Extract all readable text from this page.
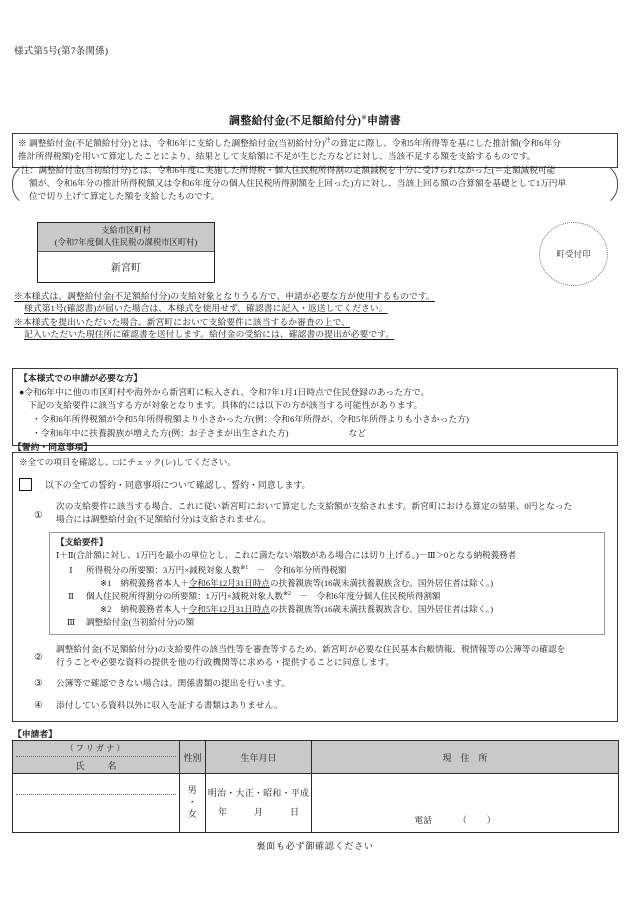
様式第5号(第7条関係)
調整給付金(不足額給付分)※申請書
※ 調整給付金(不足額給付分)とは、令和6年に支給した調整給付金(当初給付分)$^注$の算定に際し、令和5年所得等を基にした推計額(令和6年分
推計所得税額)を用いて算定したことにより、結果として支給額に不足が生じた方などに対し、当該不足する額を支給するものです。
注：調整給付金(当初給付分)とは、令和6年度に実施した所得税・個人住民税所得割の定額減税を十分に受けられなかった(＝定額減税可能
額が、令和6年分の推計所得税額又は令和6年度分の個人住民税所得割額を上回った)方に対し、当該上回る額の合算額を基礎として1万円単
位で切り上げて算定した額を支給したものです。
支給市区町村
(令和7年度個人住民税の課税市区町村)
新宮町
町受付印
※本様式は、調整給付金(不足額給付分)の支給対象となりうる方で、申請が必要な方が使用するものです。
様式第1号(確認書)が届いた場合は、本様式を使用せず、確認書に記入・返送してください。
※本様式を提出いただいた場合、新宮町において支給要件に該当するか審査の上で、
記入いただいた現住所に確認書を送付します。給付金の受給には、確認書の提出が必要です。
【本様式での申請が必要な方】
●令和6年中に他の市区町村や海外から新宮町に転入され、令和7年1月1日時点で住民登録のあった方で、
下記の支給要件に該当する方が対象となります。具体的には以下の方が該当する可能性があります。
・令和6年所得税額が令和5年所得税額より小さかった方(例：令和6年所得が、令和5年所得よりも小さかった方)
・令和6年中に扶養親族が増えた方(例：お子さまが出生された方)	など
【誓約・同意事項】
※全ての項目を確認し、□にチェック(レ)してください。
以下の全ての誓約・同意事項について確認し、誓約・同意します。
①
次の支給要件に該当する場合、これに従い新宮町において算定した支給額が支給されます。新宮町における算定の結果、0円となった
場合には調整給付金(不足額給付分)は支給されません。
【支給要件】
Ⅰ＋Ⅱ(合計額に対し、1万円を最小の単位とし、これに満たない端数がある場合には切り上げる。)－Ⅲ＞0となる納税義務者
Ⅰ	所得税分の所要額：3万円×減税対象人数$^{※1}$　－　令和6年分所得税額
※1 納税義務者本人＋令和6年12月31日時点の扶養親族等(16歳未満扶養親族含む。国外居住者は除く。)
Ⅱ	個人住民税所得割分の所要額：1万円×減税対象人数$^{※2}$　－　令和6年度分個人住民税所得割額
※2 納税義務者本人＋令和5年12月31日時点の扶養親族等(16歳未満扶養親族含む。国外居住者は除く。)
Ⅲ	調整給付金(当初給付分)の額
②
調整給付金(不足額給付分)の支給要件の該当性等を審査等するため、新宮町が必要な住民基本台帳情報、税情報等の公簿等の確認を
行うことや必要な資料の提供を他の行政機関等に求める・提供することに同意します。
③	公簿等で確認できない場合は、関係書類の提出を行います。
④	添付している資料以外に収入を証する書類はありません。
【申請者】
（フリガナ）
氏　名	性別	生年月日	現　住　所

	男
・
女	明治・大正・昭和・平成
年　月　日	電話 （）
裏面も必ず御確認ください
